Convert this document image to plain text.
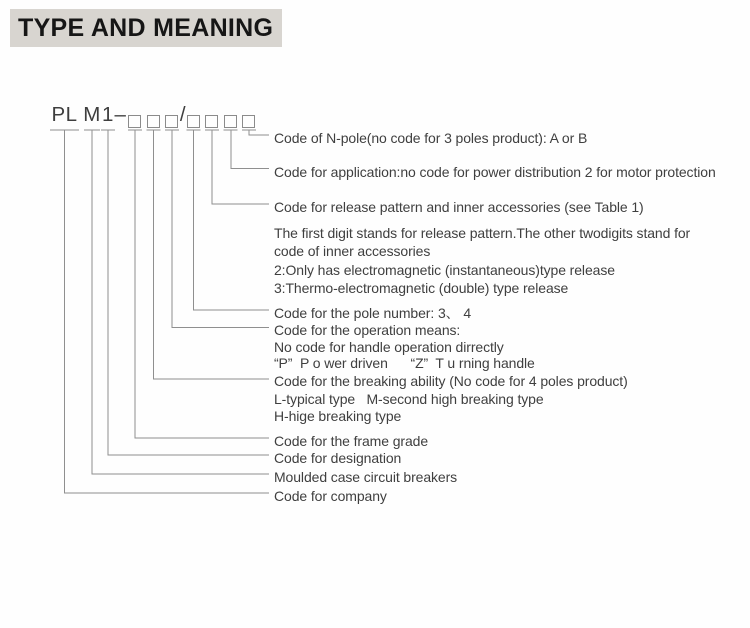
TYPE AND MEANING
PL M 1 –	/
Code of N-pole(no code for 3 poles product): A or B
Code for application:no code for power distribution 2 for motor protection
Code for release pattern and inner accessories (see Table 1)
The first digit stands for release pattern.The other twodigits stand for
code of inner accessories
2:Only has electromagnetic (instantaneous)type release
3:Thermo-electromagnetic (double) type release
Code for the pole number: 3、 4
Code for the operation means:
No code for handle operation dirrectly
“P”  P o wer driven      “Z”  T u rning handle
Code for the breaking ability (No code for 4 poles product)
L-typical type   M-second high breaking type
H-hige breaking type
Code for the frame grade
Code for designation
Moulded case circuit breakers
Code for company
